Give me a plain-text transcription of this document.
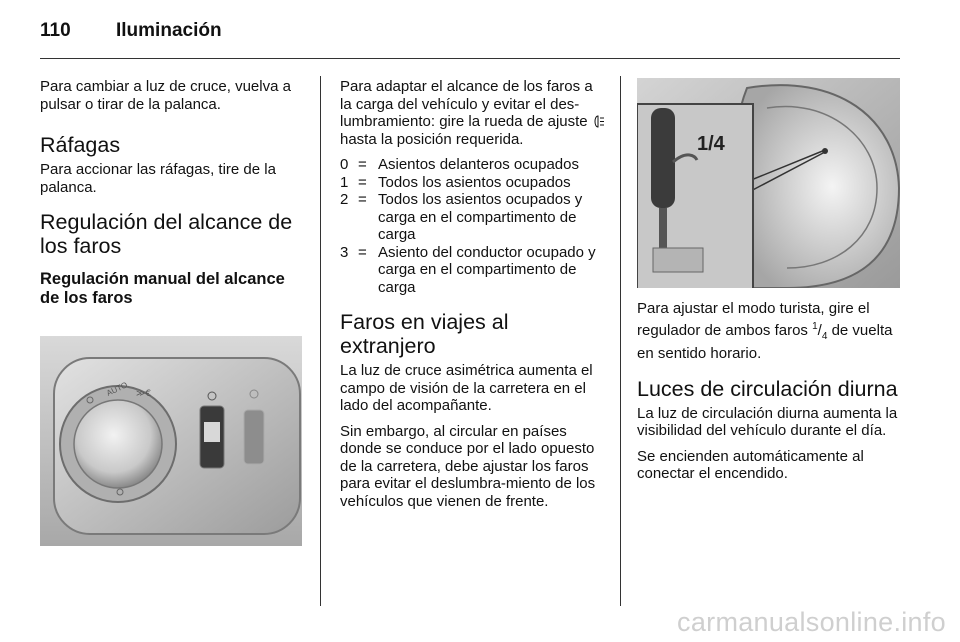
110 Iluminación

Para cambiar a luz de cruce, vuelva a pulsar o tirar de la palanca.

Ráfagas

Para accionar las ráfagas, tire de la palanca.

Regulación del alcance de los faros
Regulación manual del alcance de los faros
AUTO ≫€

Para adaptar el alcance de los faros a la carga del vehículo y evitar el des-lumbramiento: gire la rueda de ajuste  hasta la posición requerida.

0 = Asientos delanteros ocupados
1 = Todos los asientos ocupados
2 = Todos los asientos ocupados y carga en el compartimento de carga
3 = Asiento del conductor ocupado y carga en el compartimento de carga
Faros en viajes al extranjero

La luz de cruce asimétrica aumenta el campo de visión de la carretera en el lado del acompañante.

Sin embargo, al circular en países donde se conduce por el lado opuesto de la carretera, debe ajustar los faros para evitar el deslumbra-miento de los vehículos que vienen de frente.

1/4

Para ajustar el modo turista, gire el regulador de ambos faros $^1/_4$ de vuelta en sentido horario.

Luces de circulación diurna

La luz de circulación diurna aumenta la visibilidad del vehículo durante el día.

Se encienden automáticamente al conectar el encendido.

carmanualsonline.info
